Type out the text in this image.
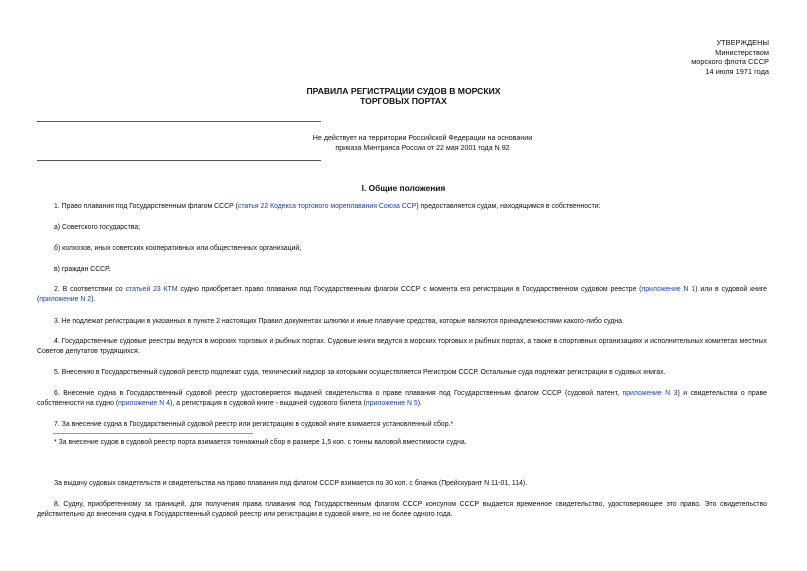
УТВЕРЖДЕНЫ
Министерством
морского флота СССР
14 июля 1971 года
ПРАВИЛА РЕГИСТРАЦИИ СУДОВ В МОРСКИХ
ТОРГОВЫХ ПОРТАХ
Не действует на территории Российской Федерации на основании
приказа Минтранса России от 22 мая 2001 года N 92
I. Общие положения
1. Право плавания под Государственным флагом СССР (статья 22 Кодекса торгового мореплавания Союза ССР) предоставляется судам, находящимся в собственности:
а) Советского государства;
б) колхозов, иных советских кооперативных или общественных организаций;
в) граждан СССР.
2. В соответствии со статьей 23 КТМ судно приобретает право плавания под Государственным флагом СССР с момента его регистрации в Государственном судовом реестре (приложение N 1) или в судовой книге (приложение N 2).
3. Не подлежат регистрации в указанных в пункте 2 настоящих Правил документах шлюпки и иные плавучие средства, которые являются принадлежностями какого-либо судна.
4. Государственные судовые реестры ведутся в морских торговых и рыбных портах. Судовые книги ведутся в морских торговых и рыбных портах, а также в спортивных организациях и исполнительных комитетах местных Советов депутатов трудящихся.
5. Внесению в Государственный судовой реестр подлежат суда, технический надзор за которыми осуществляется Регистром СССР. Остальные суда подлежат регистрации в судовых книгах.
6. Внесение судна в Государственный судовой реестр удостоверяется выдачей свидетельства о праве плавания под Государственным флагом СССР (судовой патент, приложение N 3) и свидетельства о праве собственности на судно (приложение N 4), а регистрация в судовой книге - выдачей судового билета (приложение N 5).
7. За внесение судна в Государственный судовой реестр или регистрацию в судовой книге взимается установленный сбор.*
* За внесение судов в судовой реестр порта взимается тоннажный сбор в размере 1,5 коп. с тонны валовой вместимости судна.
За выдачу судовых свидетельств и свидетельства на право плавания под флагом СССР взимается по 30 коп. с бланка (Прейскурант N 11-01, 114).
8. Судну, приобретенному за границей, для получения права плавания под Государственным флагом СССР консулом СССР выдается временное свидетельство, удостоверяющее это право. Это свидетельство действительно до внесения судна в Государственный судовой реестр или регистрации в судовой книге, но не более одного года.
